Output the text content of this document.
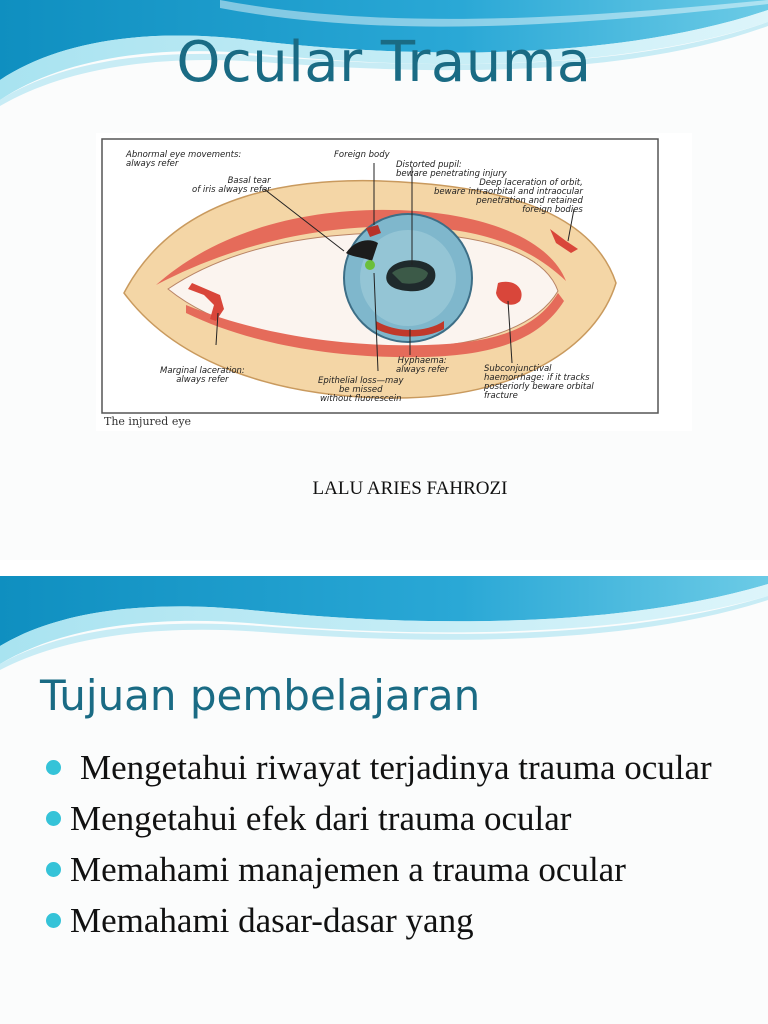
Ocular Trauma
Abnormal eye movements:
always refer
Foreign body
Distorted pupil:
beware penetrating injury
Deep laceration of orbit,
beware intraorbital and intraocular
penetration and retained
foreign bodies
Basal tear
of iris always refer
Marginal laceration:
always refer	Epithelial loss—may
be missed
without fluorescein
Hyphaema:
always refer	Subconjunctival
haemorrhage: if it tracks
posteriorly beware orbital
fracture
The injured eye
LALU ARIES FAHROZI
Tujuan pembelajaran
Mengetahui riwayat terjadinya trauma ocular
Mengetahui efek dari trauma ocular
Memahami manajemen a trauma ocular
Memahami dasar-dasar yang
